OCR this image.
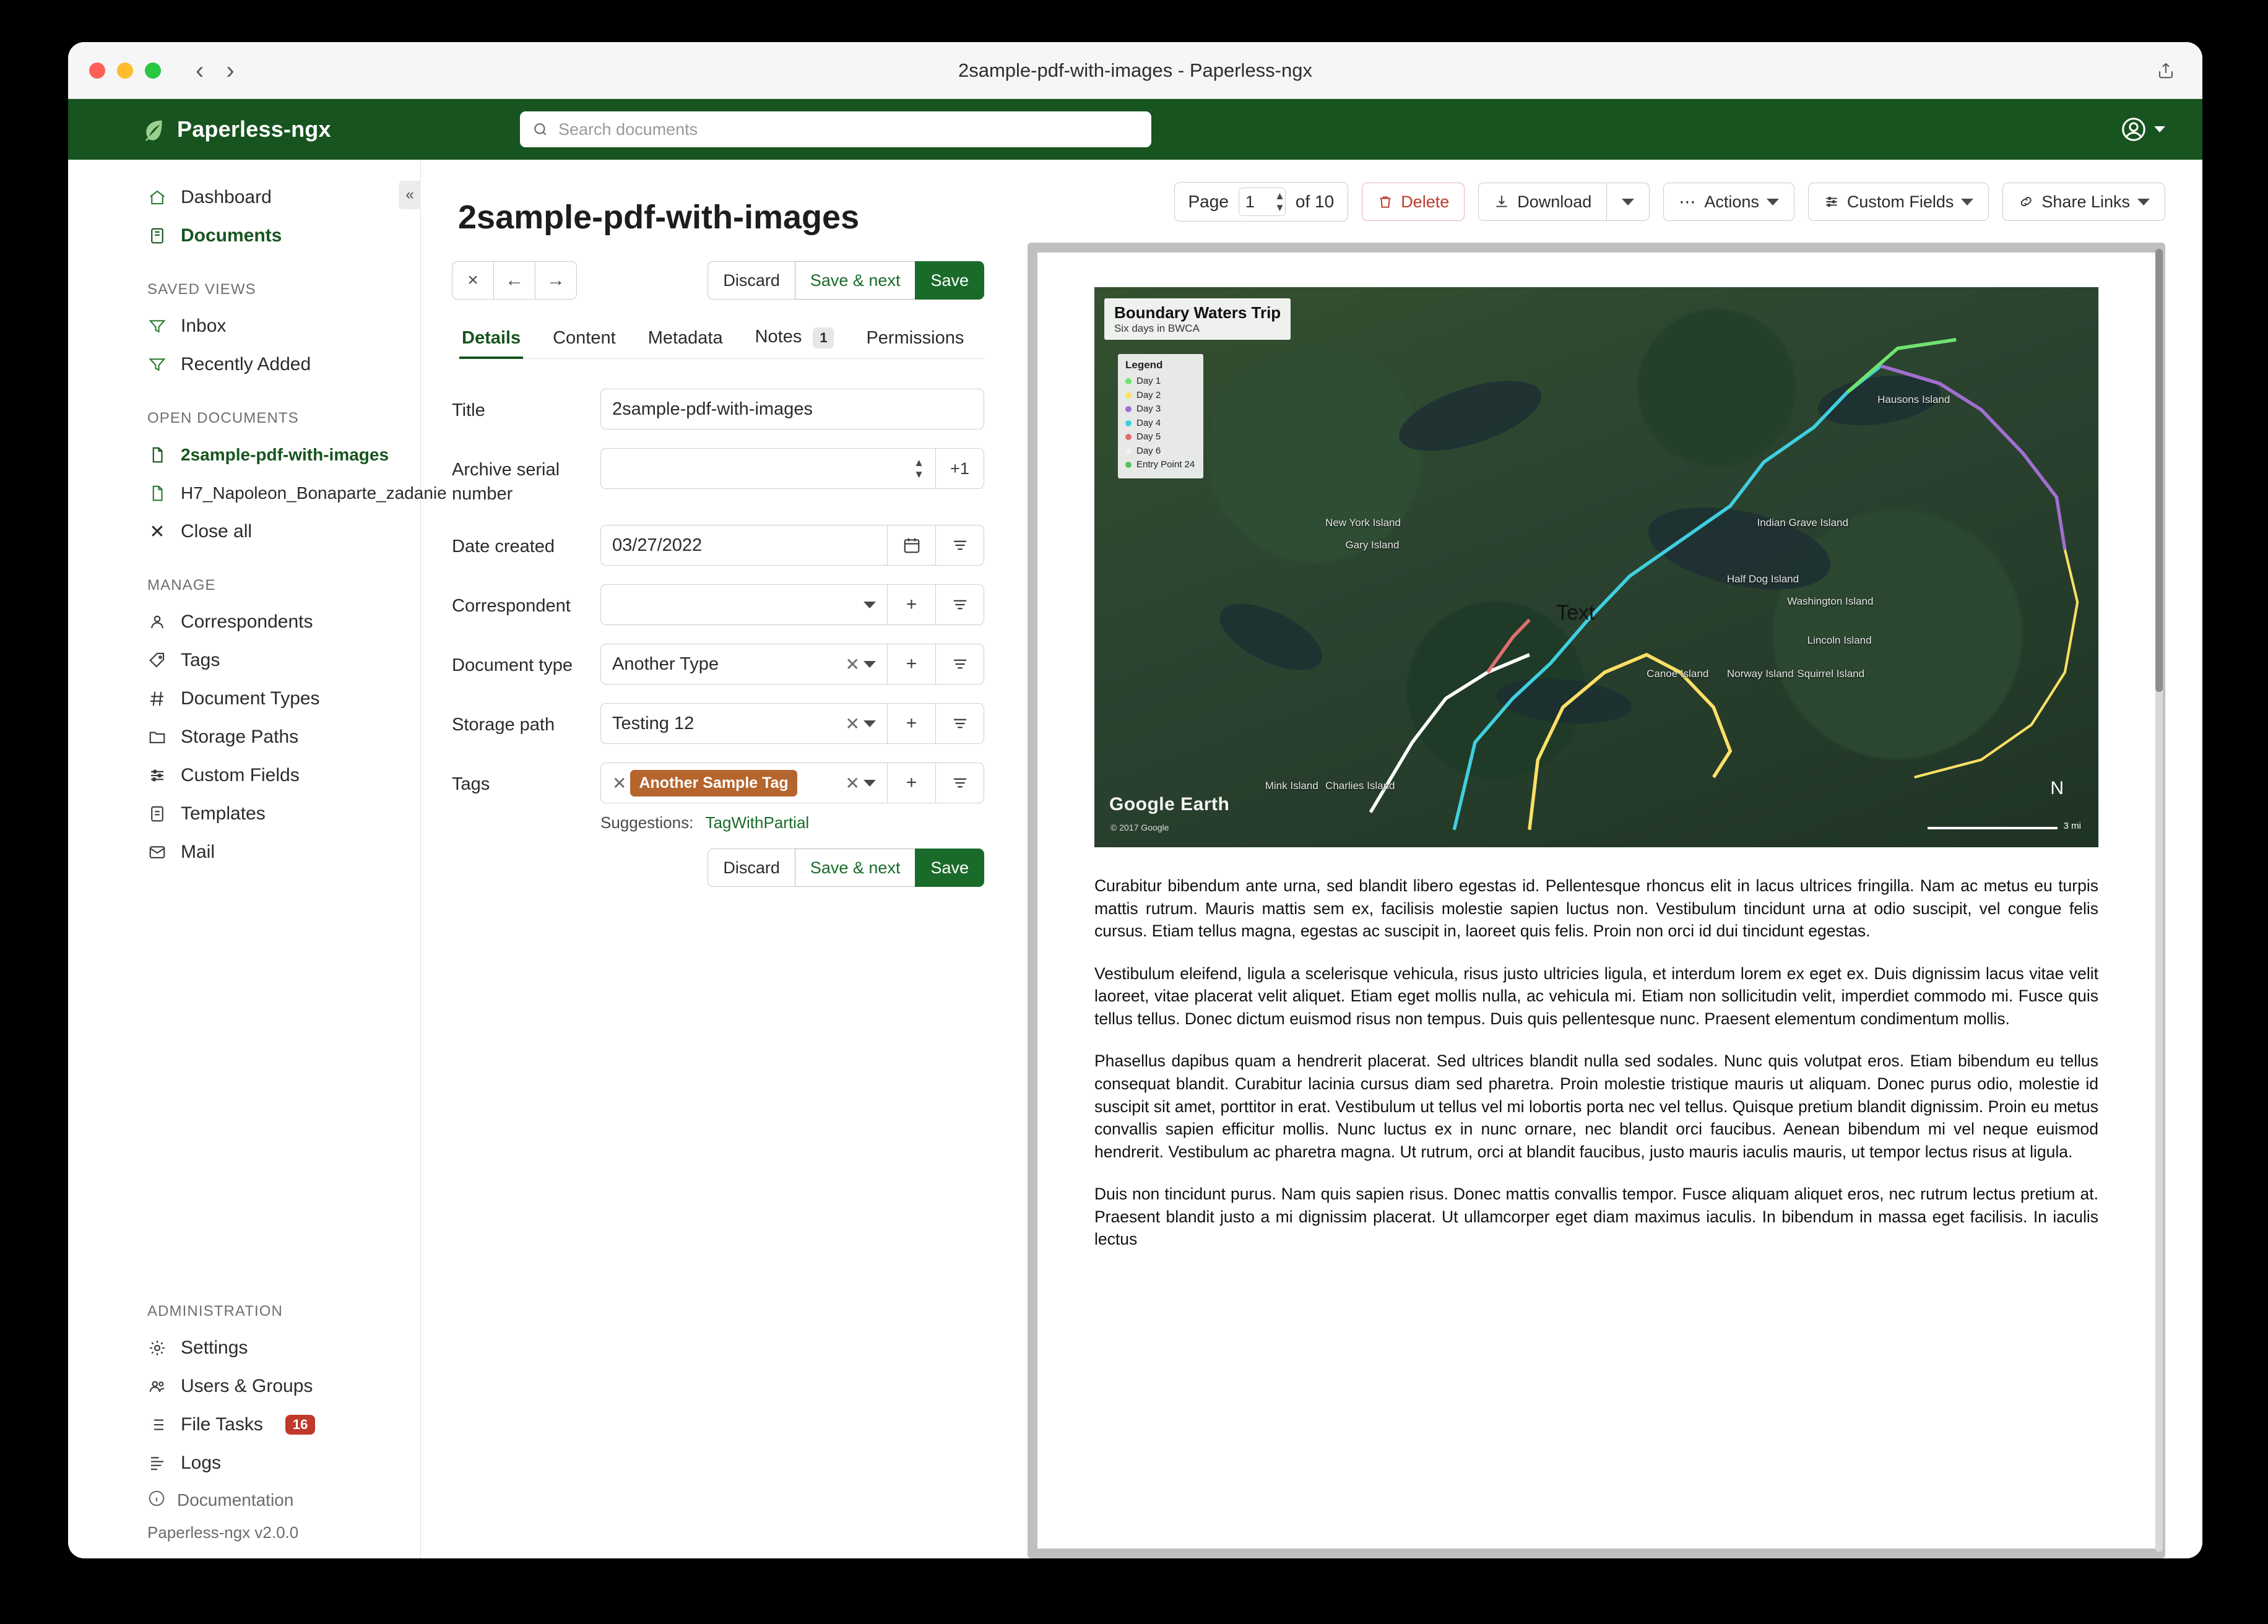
‹ ›	2sample-pdf-with-images - Paperless-ngx
Paperless-ngx
Search documents
«
Dashboard
Documents
SAVED VIEWS
Inbox
Recently Added
OPEN DOCUMENTS
2sample-pdf-with-images
H7_Napoleon_Bonaparte_zadanie
✕ Close all
MANAGE
Correspondents
Tags
Document Types
Storage Paths
Custom Fields
Templates
Mail
ADMINISTRATION
Settings
Users & Groups
File Tasks	16
Logs
Documentation
Paperless-ngx v2.0.0
2sample-pdf-with-images
×	←	→	Discard	Save & next	Save
Details Content Metadata Notes 1	Permissions
Title	2sample-pdf-with-images
Archive serial number
▲
▼ +1
Date created	03/27/2022
Correspondent	+
Document type	Another Type	✕	+
Storage path	Testing 12	✕	+
Tags	✕ Another Sample Tag	✕	+
Suggestions: TagWithPartial
Discard	Save & next	Save
Page 1 ▲
▼ of 10	Delete	Download	⋯ Actions	Custom Fields	Share Links
Boundary Waters Trip
Six days in BWCA
Legend
Day 1
Day 2
Day 3
Day 4
Day 5
Day 6
Entry Point 24
Hausons Island
New York Island
Gary Island
Indian Grave Island
Half Dog Island
Washington Island
Lincoln Island
Canoe Island Norway Island Squirrel Island
Mink Island Charlies Island
Text
Google Earth
© 2017 Google	3 mi
N

Curabitur bibendum ante urna, sed blandit libero egestas id. Pellentesque rhoncus elit in lacus ultrices fringilla. Nam ac metus eu turpis mattis rutrum. Mauris mattis sem ex, facilisis molestie sapien luctus non. Vestibulum tincidunt urna at odio suscipit, vel congue felis cursus. Etiam tellus magna, egestas ac suscipit in, laoreet quis felis. Proin non orci id dui tincidunt egestas.

Vestibulum eleifend, ligula a scelerisque vehicula, risus justo ultricies ligula, et interdum lorem ex eget ex. Duis dignissim lacus vitae velit laoreet, vitae placerat velit aliquet. Etiam eget mollis nulla, ac vehicula mi. Etiam non sollicitudin velit, imperdiet commodo mi. Fusce quis tellus tellus. Donec dictum euismod risus non tempus. Duis quis pellentesque nunc. Praesent elementum condimentum mollis.

Phasellus dapibus quam a hendrerit placerat. Sed ultrices blandit nulla sed sodales. Nunc quis volutpat eros. Etiam bibendum eu tellus consequat blandit. Curabitur lacinia cursus diam sed pharetra. Proin molestie tristique mauris ut aliquam. Donec purus odio, molestie id suscipit sit amet, porttitor in erat. Vestibulum ut tellus vel mi lobortis porta nec vel tellus. Quisque pretium blandit dignissim. Proin eu metus convallis sapien efficitur mollis. Nunc luctus ex in nunc ornare, nec blandit orci faucibus. Aenean bibendum mi vel neque euismod hendrerit. Vestibulum ac pharetra magna. Ut rutrum, orci at blandit faucibus, justo mauris iaculis mauris, ut tempor lectus risus at ligula.

Duis non tincidunt purus. Nam quis sapien risus. Donec mattis convallis tempor. Fusce aliquam aliquet eros, nec rutrum lectus pretium at. Praesent blandit justo a mi dignissim placerat. Ut ullamcorper eget diam maximus iaculis. In bibendum in massa eget facilisis. In iaculis lectus
